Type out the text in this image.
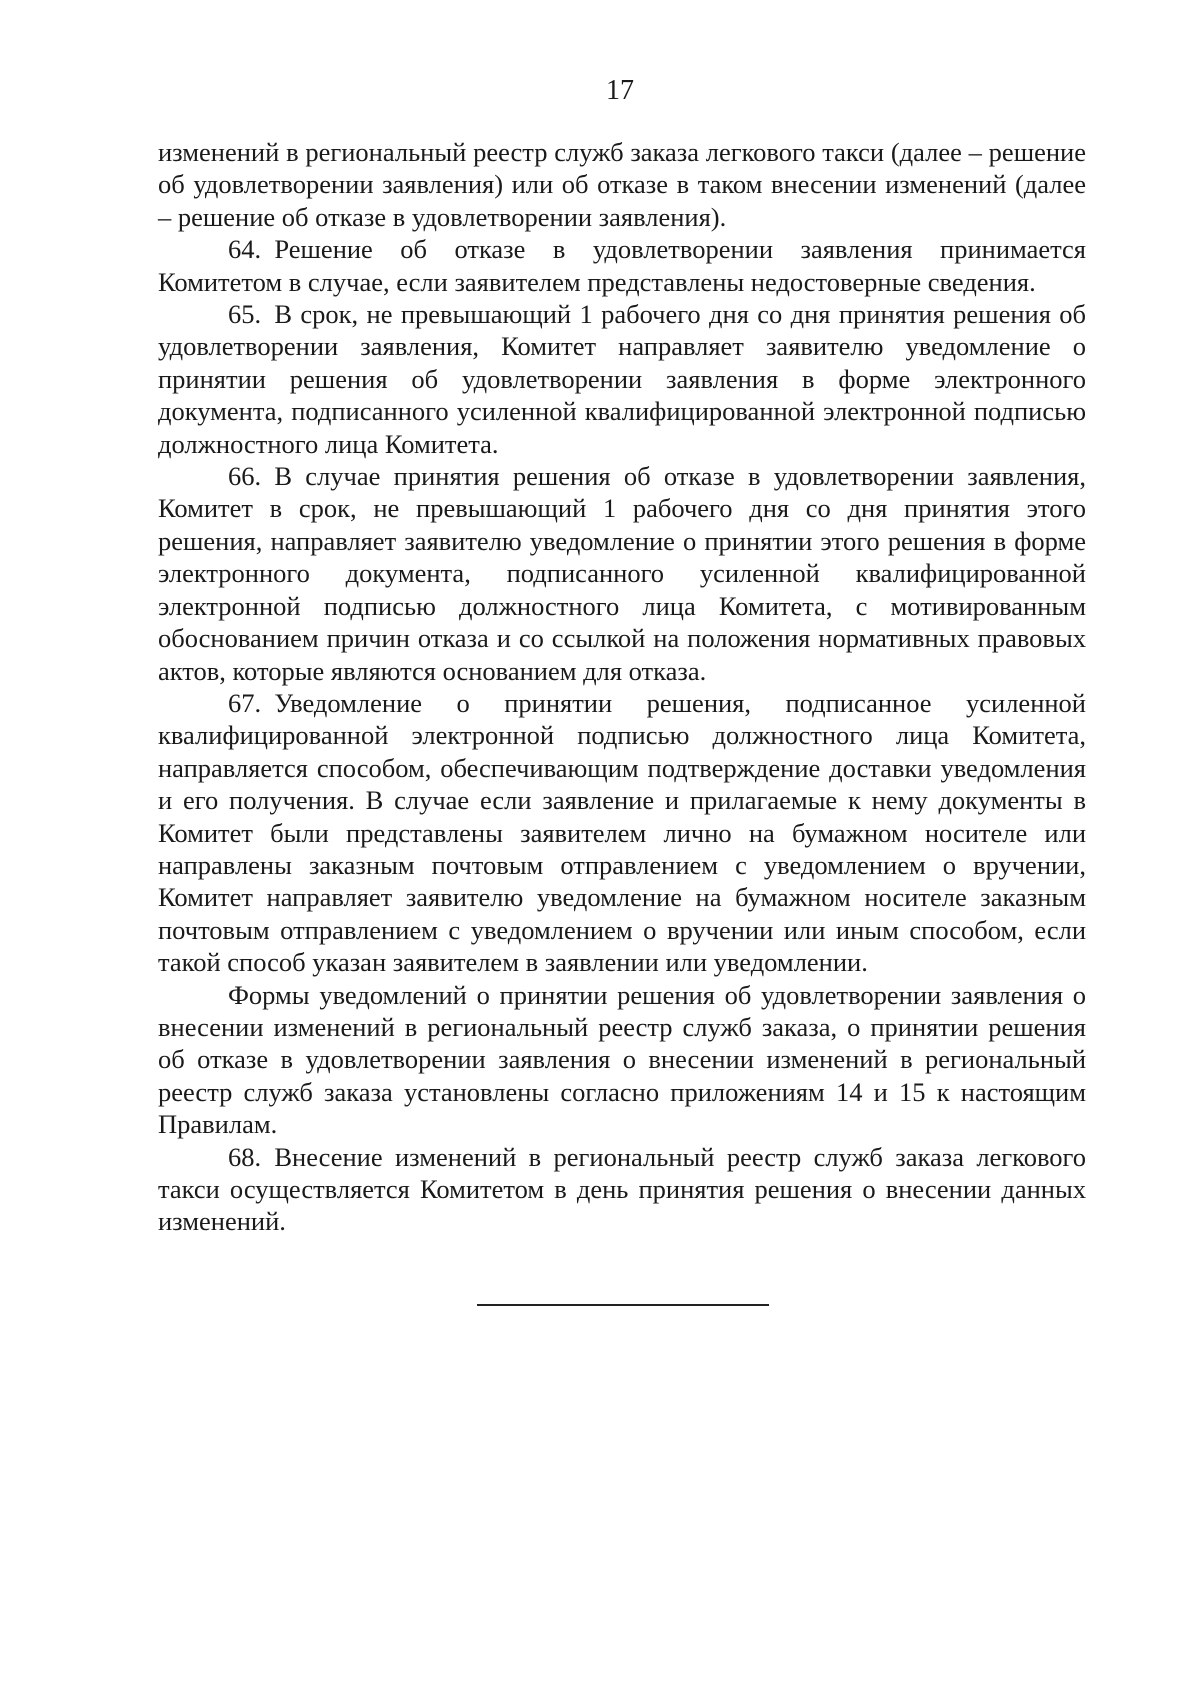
17

изменений в региональный реестр служб заказа легкового такси (далее – решение об удовлетворении заявления) или об отказе в таком внесении изменений (далее – решение об отказе в удовлетворении заявления).

64. Решение об отказе в удовлетворении заявления принимается Комитетом в случае, если заявителем представлены недостоверные сведения.

65. В срок, не превышающий 1 рабочего дня со дня принятия решения об удовлетворении заявления, Комитет направляет заявителю уведомление о принятии решения об удовлетворении заявления в форме электронного документа, подписанного усиленной квалифицированной электронной подписью должностного лица Комитета.

66. В случае принятия решения об отказе в удовлетворении заявления, Комитет в срок, не превышающий 1 рабочего дня со дня принятия этого решения, направляет заявителю уведомление о принятии этого решения в форме электронного документа, подписанного усиленной квалифицированной электронной подписью должностного лица Комитета, с мотивированным обоснованием причин отказа и со ссылкой на положения нормативных правовых актов, которые являются основанием для отказа.

67. Уведомление о принятии решения, подписанное усиленной квалифицированной электронной подписью должностного лица Комитета, направляется способом, обеспечивающим подтверждение доставки уведомления и его получения. В случае если заявление и прилагаемые к нему документы в Комитет были представлены заявителем лично на бумажном носителе или направлены заказным почтовым отправлением с уведомлением о вручении, Комитет направляет заявителю уведомление на бумажном носителе заказным почтовым отправлением с уведомлением о вручении или иным способом, если такой способ указан заявителем в заявлении или уведомлении.

Формы уведомлений о принятии решения об удовлетворении заявления о внесении изменений в региональный реестр служб заказа, о принятии решения об отказе в удовлетворении заявления о внесении изменений в региональный реестр служб заказа установлены согласно приложениям 14 и 15 к настоящим Правилам.

68. Внесение изменений в региональный реестр служб заказа легкового такси осуществляется Комитетом в день принятия решения о внесении данных изменений.
